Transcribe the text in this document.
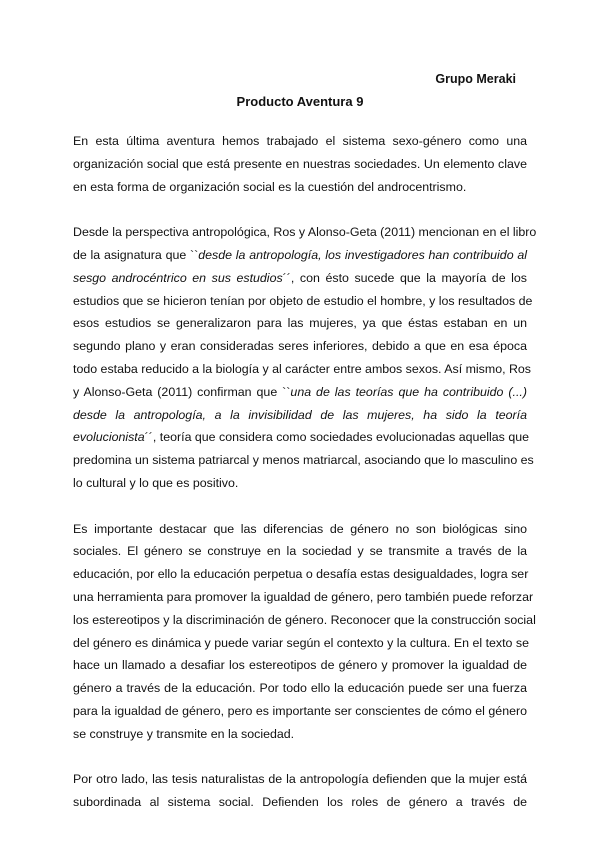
Grupo Meraki
Producto Aventura 9
En esta última aventura hemos trabajado el sistema sexo-género como una
organización social que está presente en nuestras sociedades. Un elemento clave
en esta forma de organización social es la cuestión del androcentrismo.
Desde la perspectiva antropológica, Ros y Alonso-Geta (2011) mencionan en el libro
de la asignatura que ``desde la antropología, los investigadores han contribuido al
sesgo androcéntrico en sus estudios´´, con ésto sucede que la mayoría de los
estudios que se hicieron tenían por objeto de estudio el hombre, y los resultados de
esos estudios se generalizaron para las mujeres, ya que éstas estaban en un
segundo plano y eran consideradas seres inferiores, debido a que en esa época
todo estaba reducido a la biología y al carácter entre ambos sexos. Así mismo, Ros
y Alonso-Geta (2011) confirman que ``una de las teorías que ha contribuido (...)
desde la antropología, a la invisibilidad de las mujeres, ha sido la teoría
evolucionista´´, teoría que considera como sociedades evolucionadas aquellas que
predomina un sistema patriarcal y menos matriarcal, asociando que lo masculino es
lo cultural y lo que es positivo.
Es importante destacar que las diferencias de género no son biológicas sino
sociales. El género se construye en la sociedad y se transmite a través de la
educación, por ello la educación perpetua o desafía estas desigualdades, logra ser
una herramienta para promover la igualdad de género, pero también puede reforzar
los estereotipos y la discriminación de género. Reconocer que la construcción social
del género es dinámica y puede variar según el contexto y la cultura. En el texto se
hace un llamado a desafiar los estereotipos de género y promover la igualdad de
género a través de la educación. Por todo ello la educación puede ser una fuerza
para la igualdad de género, pero es importante ser conscientes de cómo el género
se construye y transmite en la sociedad.
Por otro lado, las tesis naturalistas de la antropología defienden que la mujer está
subordinada al sistema social. Defienden los roles de género a través de
